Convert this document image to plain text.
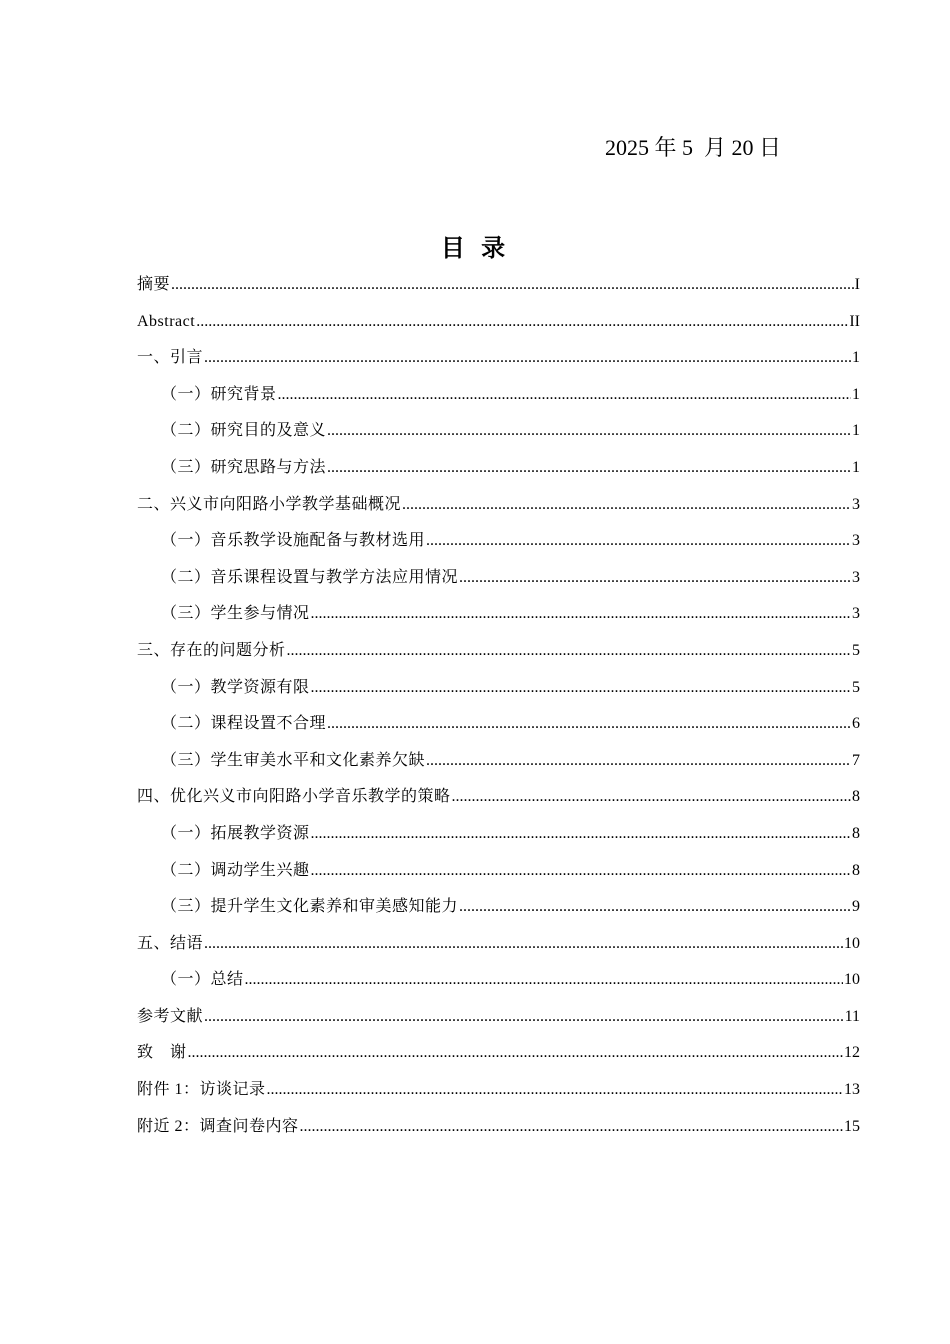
2025 年 5  月 20 日
目 录
摘要 .....	I
Abstract .....	II
一、引言 .....	1
（一）研究背景 .....	1
（二）研究目的及意义 .....	1
（三）研究思路与方法 .....	1
二、兴义市向阳路小学教学基础概况 .....	3
（一）音乐教学设施配备与教材选用 .....	3
（二）音乐课程设置与教学方法应用情况 .....	3
（三）学生参与情况 .....	3
三、存在的问题分析 .....	5
（一）教学资源有限 .....	5
（二）课程设置不合理 .....	6
（三）学生审美水平和文化素养欠缺 .....	7
四、优化兴义市向阳路小学音乐教学的策略 .....	8
（一）拓展教学资源 .....	8
（二）调动学生兴趣 .....	8
（三）提升学生文化素养和审美感知能力 .....	9
五、结语 .....	10
（一）总结 .....	10
参考文献 .....	11
致　谢 .....	12
附件 1：访谈记录 .....	13
附近 2：调查问卷内容 .....	15
